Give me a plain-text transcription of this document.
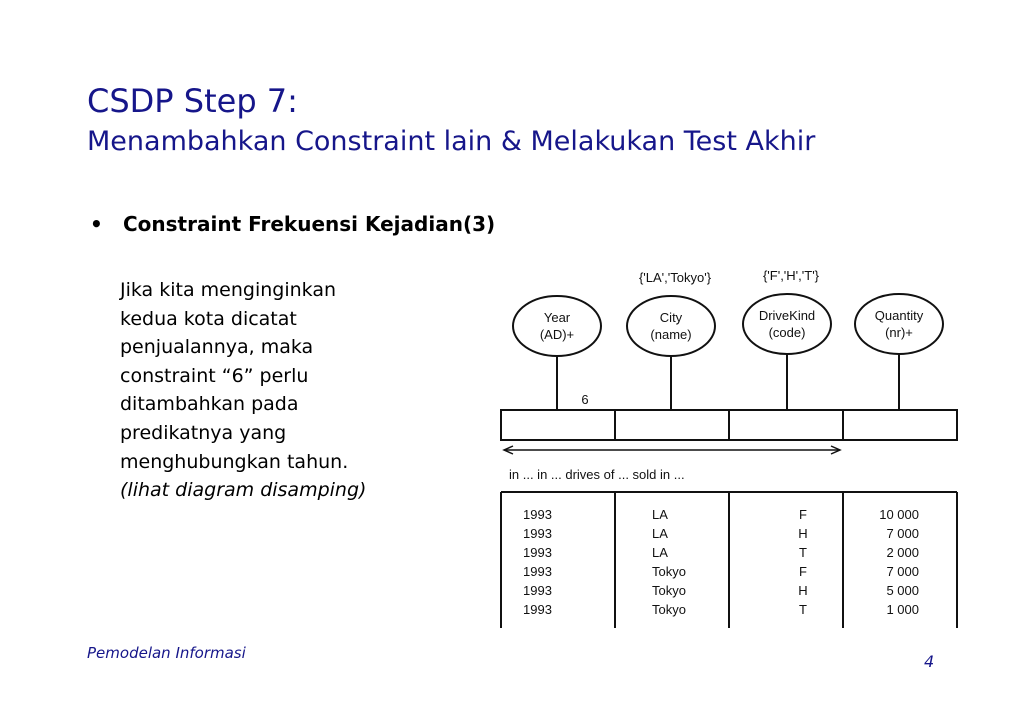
CSDP Step 7:
Menambahkan Constraint lain & Melakukan Test Akhir
• Constraint Frekuensi Kejadian(3)
Jika kita menginginkan
kedua kota dicatat
penjualannya, maka
constraint “6” perlu
ditambahkan pada
predikatnya yang
menghubungkan tahun.
(lihat diagram disamping)
{'LA','Tokyo'}	{'F','H','T'}
Year
(AD)+
City
(name)
DriveKind
(code)
Quantity
(nr)+
6
in ... in ... drives of ... sold in ...
1993	LA	F	10 000
1993	LA	H	7 000
1993	LA	T	2 000
1993	Tokyo	F	7 000
1993	Tokyo	H	5 000
1993	Tokyo	T	1 000
Pemodelan Informasi	4
